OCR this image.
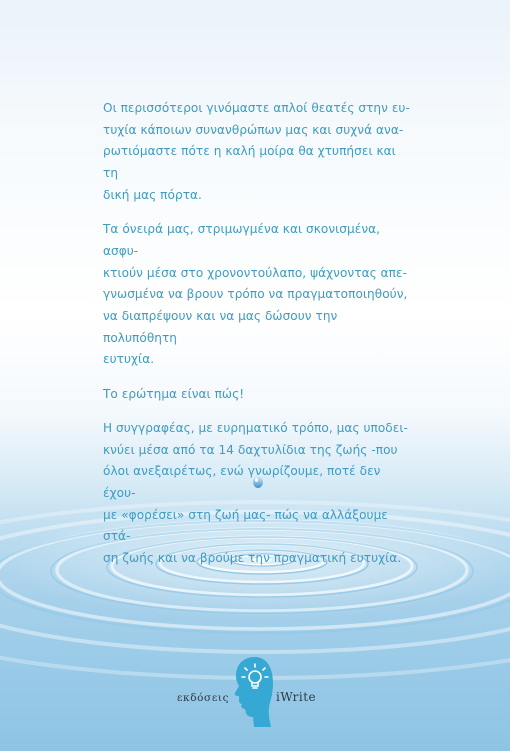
Οι περισσότεροι γινόμαστε απλοί θεατές στην ευ-
τυχία κάποιων συνανθρώπων μας και συχνά ανα-
ρωτιόμαστε πότε η καλή μοίρα θα χτυπήσει και τη
δική μας πόρτα.

Τα όνειρά μας, στριμωγμένα και σκονισμένα, ασφυ-
κτιούν μέσα στο χρονοντούλαπο, ψάχνοντας απε-
γνωσμένα να βρουν τρόπο να πραγματοποιηθούν,
να διαπρέψουν και να μας δώσουν την πολυπόθητη
ευτυχία.

Το ερώτημα είναι πώς!

Η συγγραφέας, με ευρηματικό τρόπο, μας υποδει-
κνύει μέσα από τα 14 δαχτυλίδια της ζωής -που
όλοι ανεξαιρέτως, ενώ γνωρίζουμε, ποτέ δεν έχου-
με «φορέσει» στη ζωή μας- πώς να αλλάξουμε στά-
ση ζωής και να βρούμε την πραγματική ευτυχία.

εκδόσεις	iWrite
